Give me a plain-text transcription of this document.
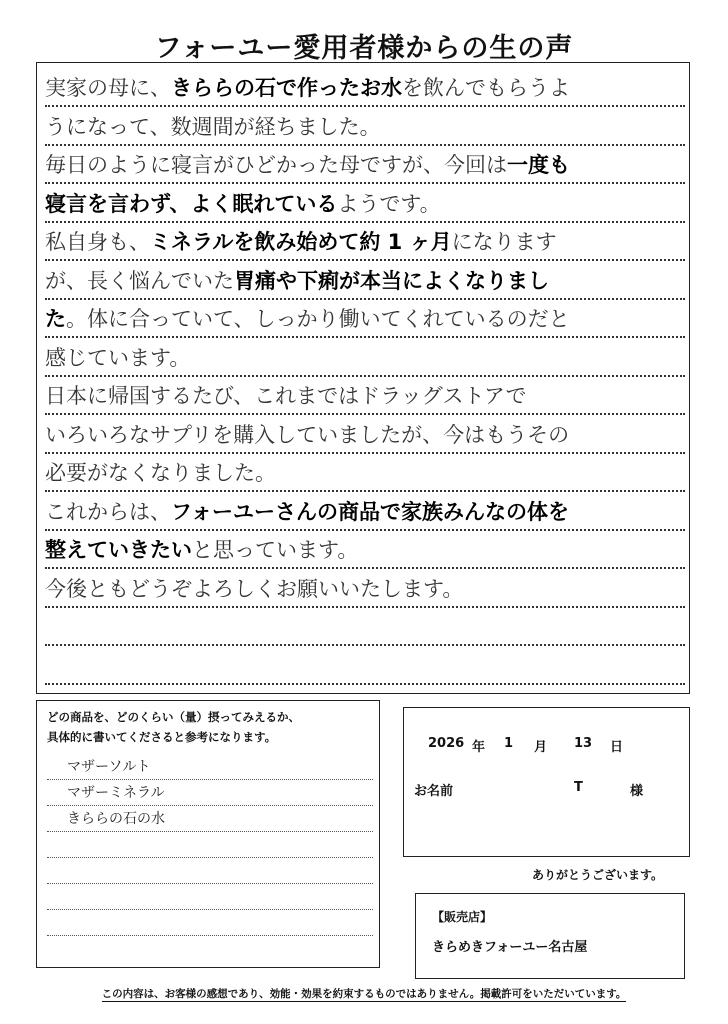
フォーユー愛用者様からの生の声
実家の母に、きららの石で作ったお水を飲んでもらうよ
うになって、数週間が経ちました。
毎日のように寝言がひどかった母ですが、今回は一度も
寝言を言わず、よく眠れているようです。
私自身も、ミネラルを飲み始めて約 1 ヶ月になります
が、長く悩んでいた胃痛や下痢が本当によくなりまし
た。体に合っていて、しっかり働いてくれているのだと
感じています。
日本に帰国するたび、これまではドラッグストアで
いろいろなサプリを購入していましたが、今はもうその
必要がなくなりました。
これからは、フォーユーさんの商品で家族みんなの体を
整えていきたいと思っています。
今後ともどうぞよろしくお願いいたします。
どの商品を、どのくらい（量）摂ってみえるか、
具体的に書いてくださると参考になります。
マザーソルト
マザーミネラル
きららの石の水
2026 年 1 月 13 日
お名前	T	様
ありがとうございます。
【販売店】
きらめきフォーユー名古屋
この内容は、お客様の感想であり、効能・効果を約束するものではありません。掲載許可をいただいています。
